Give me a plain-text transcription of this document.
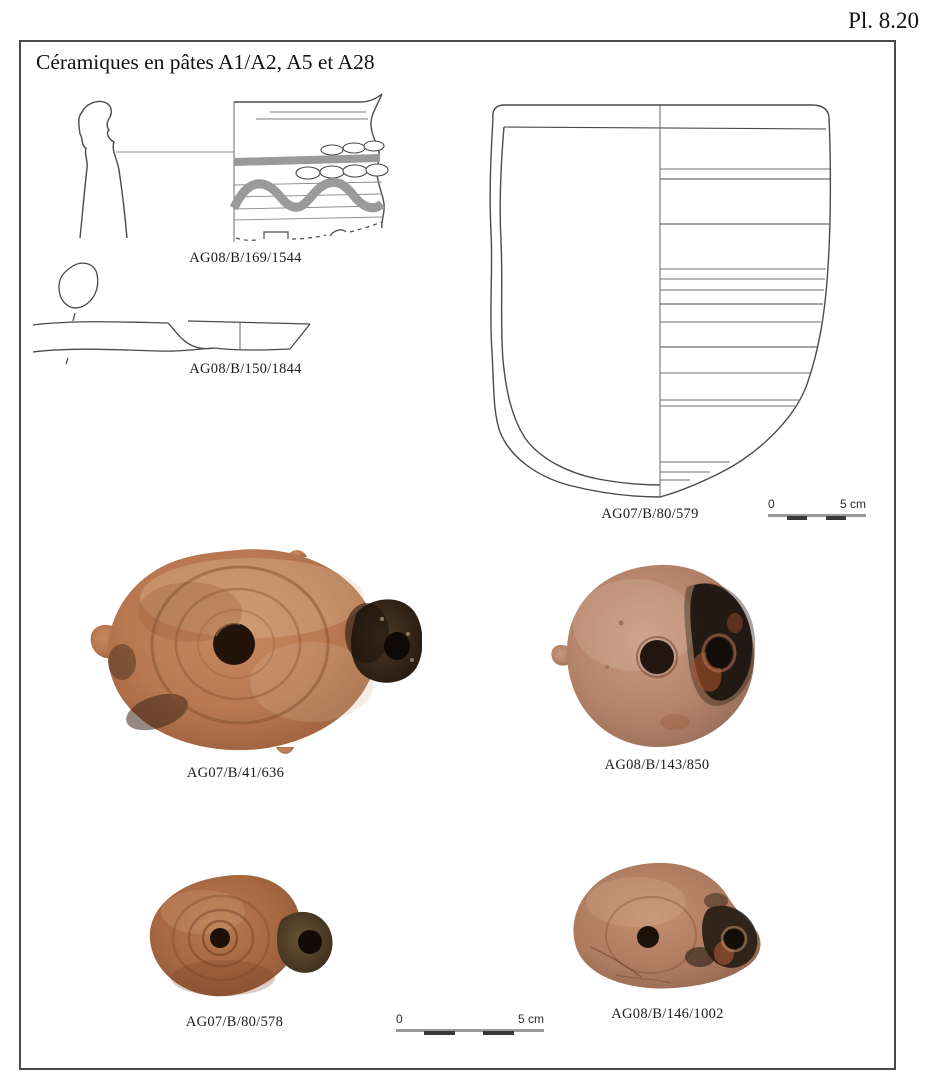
Pl. 8.20
Céramiques en pâtes A1/A2, A5 et A28
AG08/B/169/1544
AG08/B/150/1844
AG07/B/80/579
0	5 cm
AG07/B/41/636	AG08/B/143/850
AG07/B/80/578	AG08/B/146/1002
0	5 cm
